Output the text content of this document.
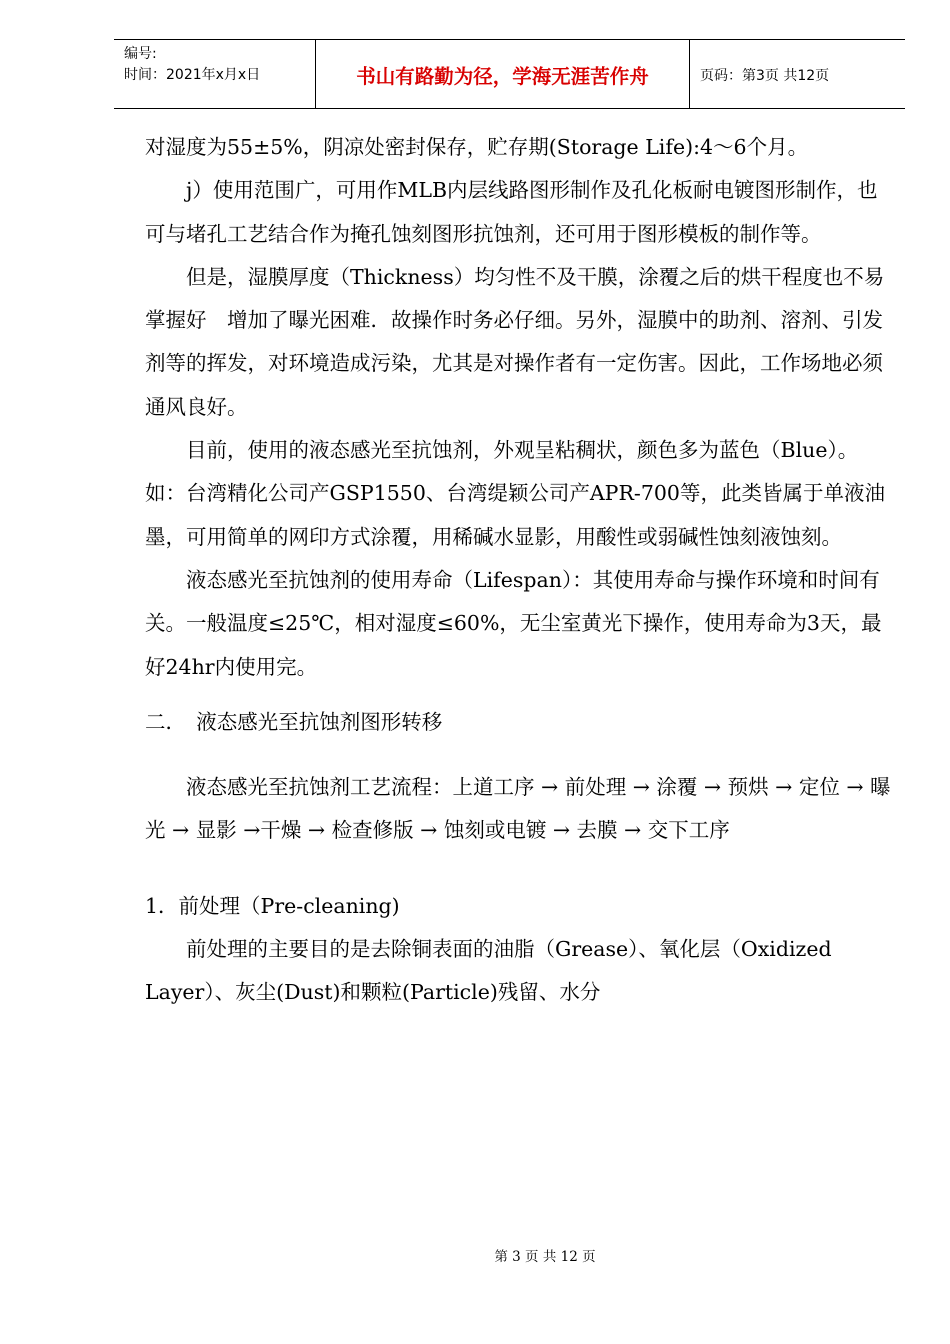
编号:
时间：2021年x月x日	书山有路勤为径，学海无涯苦作舟	页码：第3页 共12页

对湿度为55±5%，阴凉处密封保存，贮存期(Storage Life):4～6个月。

j）使用范围广，可用作MLB内层线路图形制作及孔化板耐电镀图形制作，也可与堵孔工艺结合作为掩孔蚀刻图形抗蚀剂，还可用于图形模板的制作等。

但是，湿膜厚度（Thickness）均匀性不及干膜，涂覆之后的烘干程度也不易掌握好　增加了曝光困难．故操作时务必仔细。另外，湿膜中的助剂、溶剂、引发剂等的挥发，对环境造成污染，尤其是对操作者有一定伤害。因此，工作场地必须通风良好。

目前，使用的液态感光至抗蚀剂，外观呈粘稠状，颜色多为蓝色（Blue）。如：台湾精化公司产GSP1550、台湾缇颖公司产APR-700等，此类皆属于单液油墨，可用简单的网印方式涂覆，用稀碱水显影，用酸性或弱碱性蚀刻液蚀刻。

液态感光至抗蚀剂的使用寿命（Lifespan）：其使用寿命与操作环境和时间有关。一般温度≤25℃，相对湿度≤60%，无尘室黄光下操作，使用寿命为3天，最好24hr内使用完。

二．　液态感光至抗蚀剂图形转移

液态感光至抗蚀剂工艺流程：上道工序 → 前处理 → 涂覆 → 预烘 → 定位 → 曝光 → 显影 →干燥 → 检查修版 → 蚀刻或电镀 → 去膜 → 交下工序

1．前处理（Pre-cleaning)

前处理的主要目的是去除铜表面的油脂（Grease）、氧化层（Oxidized Layer）、灰尘(Dust)和颗粒(Particle)残留、水分

第 3 页 共 12 页
